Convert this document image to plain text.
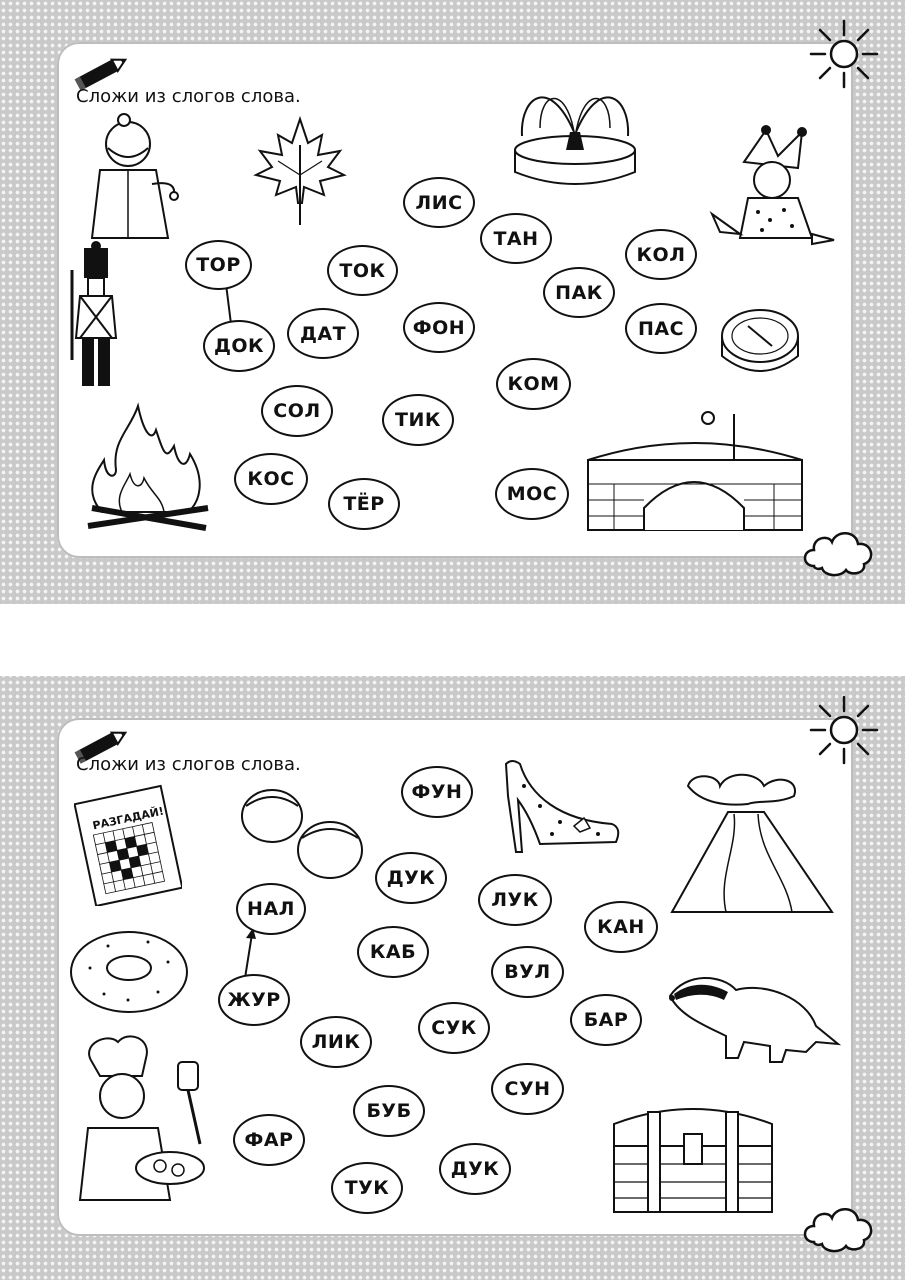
Сложи из слогов слова.
ТОР	ТОК
ЛИС
ТАН
КОЛ
ПАК
ДОК
ДАТ	ФОН	ПАС
КОМ
СОЛ	ТИК
КОС
ТЁР	МОС
Сложи из слогов слова.
РАЗГАДАЙ!
ФУН
ДУК
ЛУК
НАЛ
КАН
КАБ
ВУЛ
ЖУР
БАР
ЛИК
СУК
СУН
БУБ
ФАР
ДУК
ТУК
